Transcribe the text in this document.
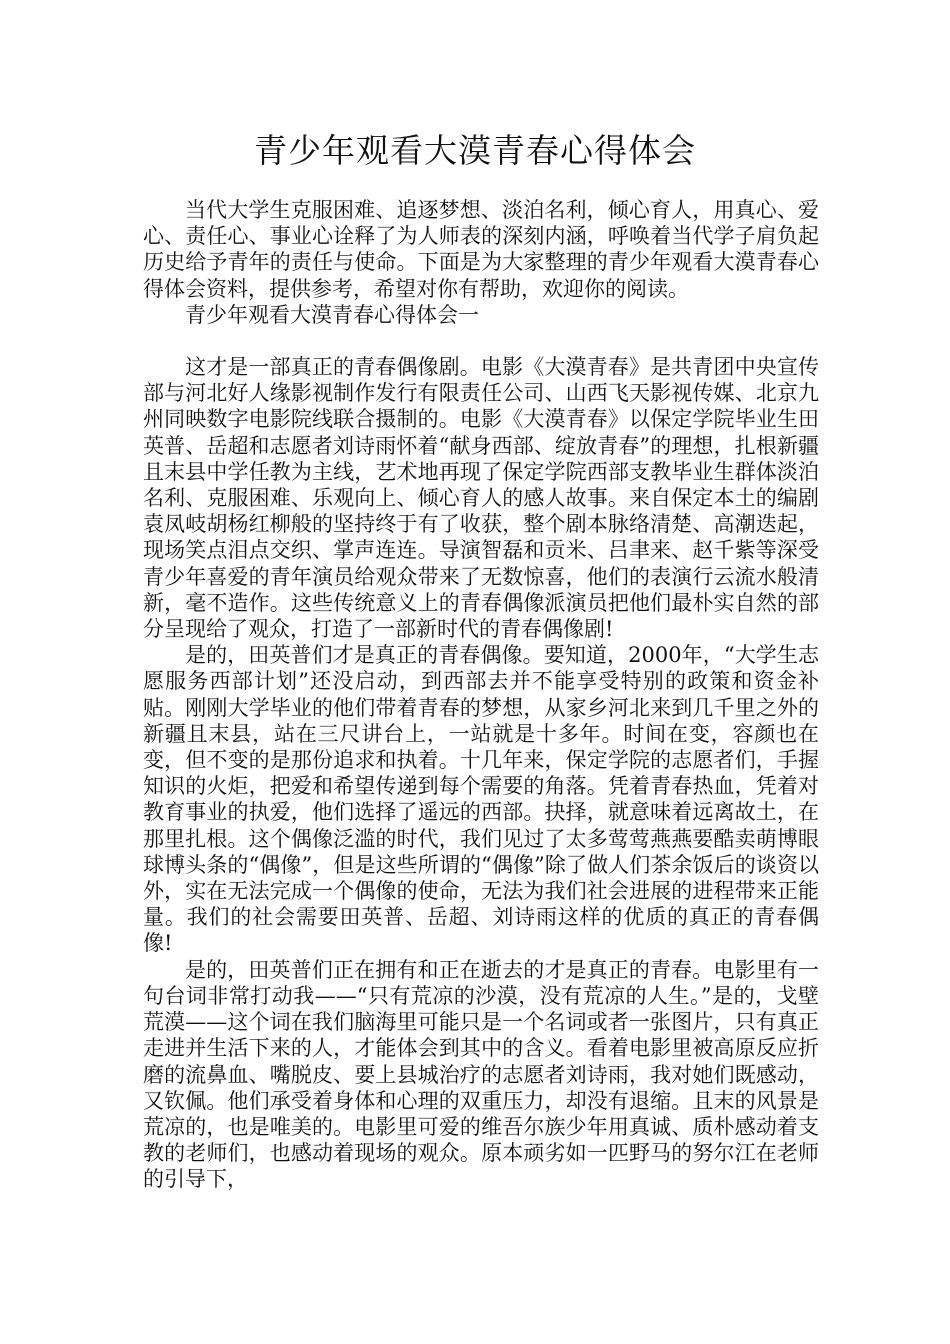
青少年观看大漠青春心得体会

当代大学生克服困难、追逐梦想、淡泊名利，倾心育人，用真心、爱心、责任心、事业心诠释了为人师表的深刻内涵，呼唤着当代学子肩负起历史给予青年的责任与使命。下面是为大家整理的青少年观看大漠青春心得体会资料，提供参考，希望对你有帮助，欢迎你的阅读。

青少年观看大漠青春心得体会一

这才是一部真正的青春偶像剧。电影《大漠青春》是共青团中央宣传部与河北好人缘影视制作发行有限责任公司、山西飞天影视传媒、北京九州同映数字电影院线联合摄制的。电影《大漠青春》以保定学院毕业生田英普、岳超和志愿者刘诗雨怀着“献身西部、绽放青春”的理想，扎根新疆且末县中学任教为主线，艺术地再现了保定学院西部支教毕业生群体淡泊名利、克服困难、乐观向上、倾心育人的感人故事。来自保定本土的编剧袁凤岐胡杨红柳般的坚持终于有了收获，整个剧本脉络清楚、高潮迭起，现场笑点泪点交织、掌声连连。导演智磊和贡米、吕聿来、赵千紫等深受青少年喜爱的青年演员给观众带来了无数惊喜，他们的表演行云流水般清新，毫不造作。这些传统意义上的青春偶像派演员把他们最朴实自然的部分呈现给了观众，打造了一部新时代的青春偶像剧!

是的，田英普们才是真正的青春偶像。要知道，2000年，“大学生志愿服务西部计划”还没启动，到西部去并不能享受特别的政策和资金补贴。刚刚大学毕业的他们带着青春的梦想，从家乡河北来到几千里之外的新疆且末县，站在三尺讲台上，一站就是十多年。时间在变，容颜也在变，但不变的是那份追求和执着。十几年来，保定学院的志愿者们，手握知识的火炬，把爱和希望传递到每个需要的角落。凭着青春热血，凭着对教育事业的执爱，他们选择了遥远的西部。抉择，就意味着远离故土，在那里扎根。这个偶像泛滥的时代，我们见过了太多莺莺燕燕要酷卖萌博眼球博头条的“偶像”，但是这些所谓的“偶像”除了做人们茶余饭后的谈资以外，实在无法完成一个偶像的使命，无法为我们社会进展的进程带来正能量。我们的社会需要田英普、岳超、刘诗雨这样的优质的真正的青春偶像!

是的，田英普们正在拥有和正在逝去的才是真正的青春。电影里有一句台词非常打动我——“只有荒凉的沙漠，没有荒凉的人生。”是的，戈壁荒漠——这个词在我们脑海里可能只是一个名词或者一张图片，只有真正走进并生活下来的人，才能体会到其中的含义。看着电影里被高原反应折磨的流鼻血、嘴脱皮、要上县城治疗的志愿者刘诗雨，我对她们既感动，又钦佩。他们承受着身体和心理的双重压力，却没有退缩。且末的风景是荒凉的，也是唯美的。电影里可爱的维吾尔族少年用真诚、质朴感动着支教的老师们，也感动着现场的观众。原本顽劣如一匹野马的努尔江在老师的引导下，
